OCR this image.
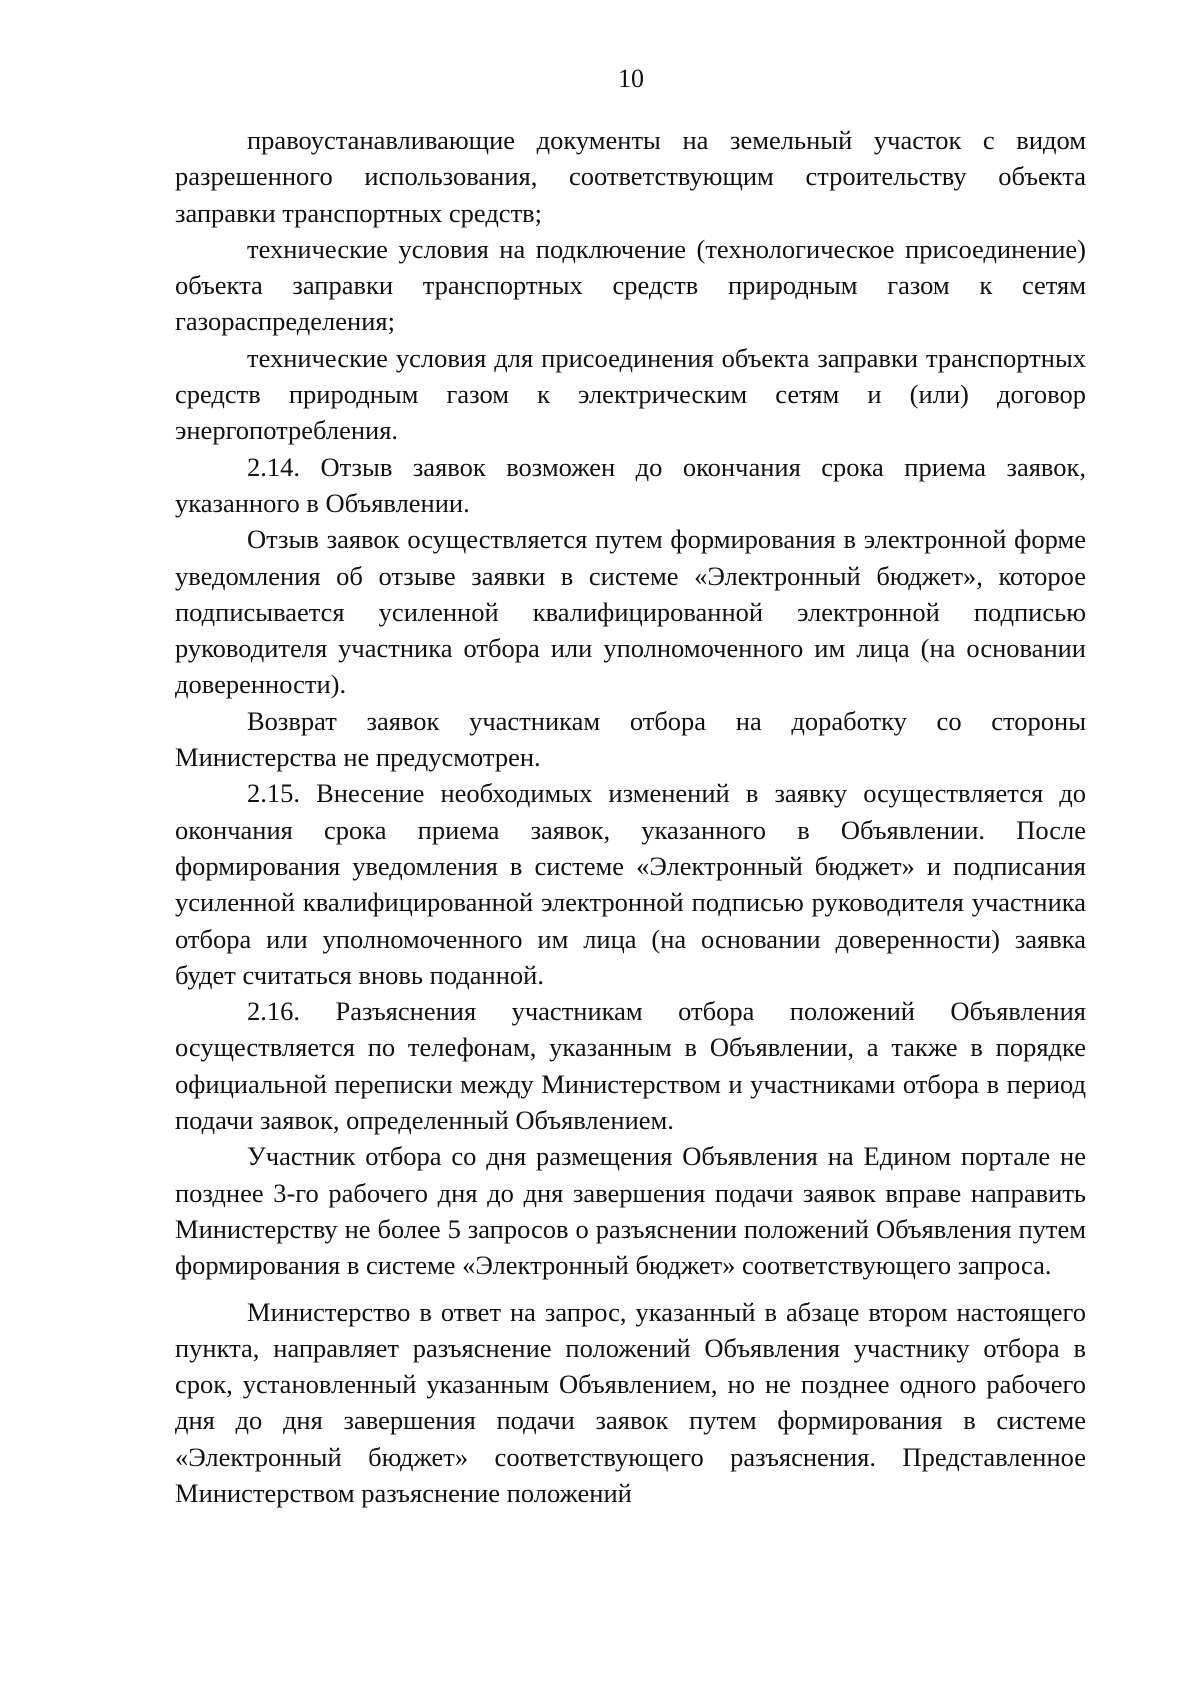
10

правоустанавливающие документы на земельный участок с видом разрешенного использования, соответствующим строительству объекта заправки транспортных средств;

технические условия на подключение (технологическое присоединение) объекта заправки транспортных средств природным газом к сетям газораспределения;

технические условия для присоединения объекта заправки транспортных средств природным газом к электрическим сетям и (или) договор энергопотребления.

2.14. Отзыв заявок возможен до окончания срока приема заявок, указанного в Объявлении.

Отзыв заявок осуществляется путем формирования в электронной форме уведомления об отзыве заявки в системе «Электронный бюджет», которое подписывается усиленной квалифицированной электронной подписью руководителя участника отбора или уполномоченного им лица (на основании доверенности).

Возврат заявок участникам отбора на доработку со стороны Министерства не предусмотрен.

2.15. Внесение необходимых изменений в заявку осуществляется до окончания срока приема заявок, указанного в Объявлении. После формирования уведомления в системе «Электронный бюджет» и подписания усиленной квалифицированной электронной подписью руководителя участника отбора или уполномоченного им лица (на основании доверенности) заявка будет считаться вновь поданной.

2.16. Разъяснения участникам отбора положений Объявления осуществляется по телефонам, указанным в Объявлении, а также в порядке официальной переписки между Министерством и участниками отбора в период подачи заявок, определенный Объявлением.

Участник отбора со дня размещения Объявления на Едином портале не позднее 3-го рабочего дня до дня завершения подачи заявок вправе направить Министерству не более 5 запросов о разъяснении положений Объявления путем формирования в системе «Электронный бюджет» соответствующего запроса.

Министерство в ответ на запрос, указанный в абзаце втором настоящего пункта, направляет разъяснение положений Объявления участнику отбора в срок, установленный указанным Объявлением, но не позднее одного рабочего дня до дня завершения подачи заявок путем формирования в системе «Электронный бюджет» соответствующего разъяснения. Представленное Министерством разъяснение положений
